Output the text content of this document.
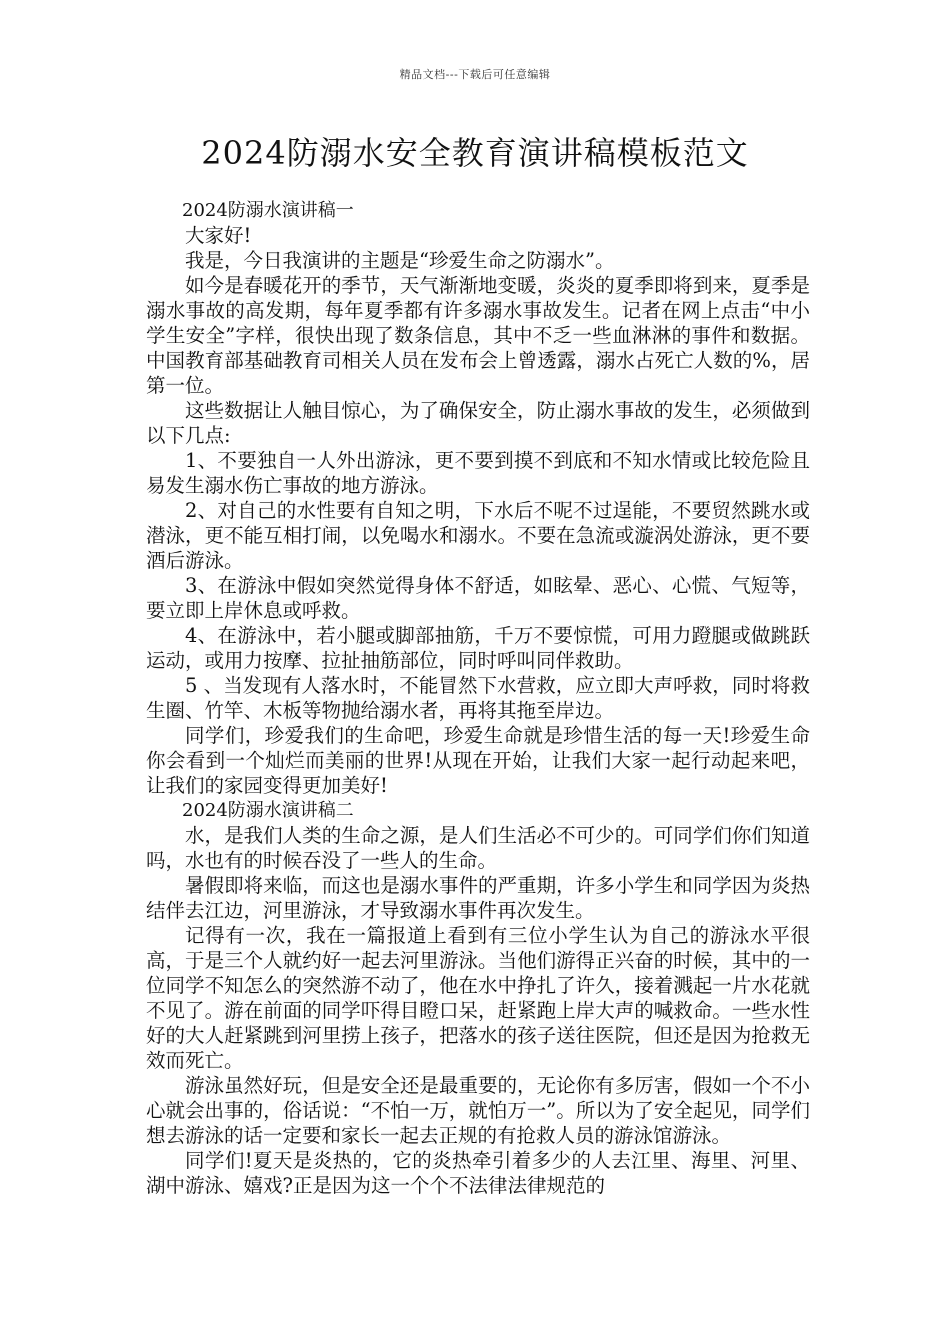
精品文档---下载后可任意编辑
2024防溺水安全教育演讲稿模板范文

2024防溺水演讲稿一

大家好!

我是，今日我演讲的主题是“珍爱生命之防溺水”。

如今是春暖花开的季节，天气渐渐地变暖，炎炎的夏季即将到来，夏季是溺水事故的高发期，每年夏季都有许多溺水事故发生。记者在网上点击“中小学生安全”字样，很快出现了数条信息，其中不乏一些血淋淋的事件和数据。中国教育部基础教育司相关人员在发布会上曾透露，溺水占死亡人数的%，居第一位。

这些数据让人触目惊心，为了确保安全，防止溺水事故的发生，必须做到以下几点:

1、不要独自一人外出游泳，更不要到摸不到底和不知水情或比较危险且易发生溺水伤亡事故的地方游泳。

2、对自己的水性要有自知之明，下水后不呢不过逞能，不要贸然跳水或潜泳，更不能互相打闹，以免喝水和溺水。不要在急流或漩涡处游泳，更不要酒后游泳。

3、在游泳中假如突然觉得身体不舒适，如眩晕、恶心、心慌、气短等，要立即上岸休息或呼救。

4、在游泳中，若小腿或脚部抽筋，千万不要惊慌，可用力蹬腿或做跳跃运动，或用力按摩、拉扯抽筋部位，同时呼叫同伴救助。

5 、当发现有人落水时，不能冒然下水营救，应立即大声呼救，同时将救生圈、竹竿、木板等物抛给溺水者，再将其拖至岸边。

同学们，珍爱我们的生命吧，珍爱生命就是珍惜生活的每一天!珍爱生命你会看到一个灿烂而美丽的世界!从现在开始，让我们大家一起行动起来吧，让我们的家园变得更加美好!

2024防溺水演讲稿二

水，是我们人类的生命之源，是人们生活必不可少的。可同学们你们知道吗，水也有的时候吞没了一些人的生命。

暑假即将来临，而这也是溺水事件的严重期，许多小学生和同学因为炎热结伴去江边，河里游泳，才导致溺水事件再次发生。

记得有一次，我在一篇报道上看到有三位小学生认为自己的游泳水平很高，于是三个人就约好一起去河里游泳。当他们游得正兴奋的时候，其中的一位同学不知怎么的突然游不动了，他在水中挣扎了许久，接着溅起一片水花就不见了。游在前面的同学吓得目瞪口呆，赶紧跑上岸大声的喊救命。一些水性好的大人赶紧跳到河里捞上孩子，把落水的孩子送往医院，但还是因为抢救无效而死亡。

游泳虽然好玩，但是安全还是最重要的，无论你有多厉害，假如一个不小心就会出事的，俗话说：“不怕一万，就怕万一”。所以为了安全起见，同学们想去游泳的话一定要和家长一起去正规的有抢救人员的游泳馆游泳。

同学们!夏天是炎热的，它的炎热牵引着多少的人去江里、海里、河里、湖中游泳、嬉戏?正是因为这一个个不法律法律规范的
